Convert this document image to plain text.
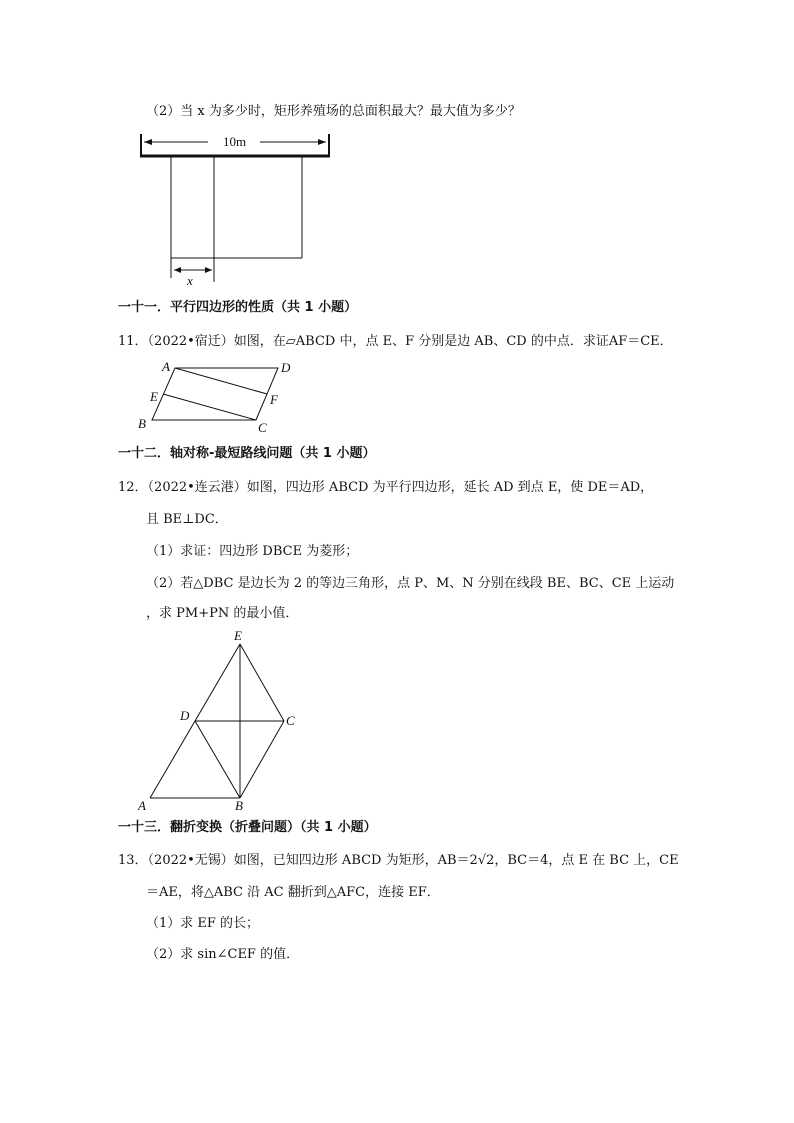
（2）当 x 为多少时，矩形养殖场的总面积最大？最大值为多少？
10m
x
一十一．平行四边形的性质（共 1 小题）
11．（2022•宿迁）如图，在▱ABCD 中，点 E、F 分别是边 AB、CD 的中点．求证AF＝CE．
A	D
E	F
B	C
一十二．轴对称-最短路线问题（共 1 小题）
12．（2022•连云港）如图，四边形 ABCD 为平行四边形，延长 AD 到点 E，使 DE＝AD，
且 BE⊥DC．
（1）求证：四边形 DBCE 为菱形；
（2）若△DBC 是边长为 2 的等边三角形，点 P、M、N 分别在线段 BE、BC、CE 上运动
，求 PM+PN 的最小值．
E
D	C
A	B
一十三．翻折变换（折叠问题）（共 1 小题）
13．（2022•无锡）如图，已知四边形 ABCD 为矩形，AB＝2√2，BC＝4，点 E 在 BC 上，CE
＝AE，将△ABC 沿 AC 翻折到△AFC，连接 EF．
（1）求 EF 的长；
（2）求 sin∠CEF 的值．
